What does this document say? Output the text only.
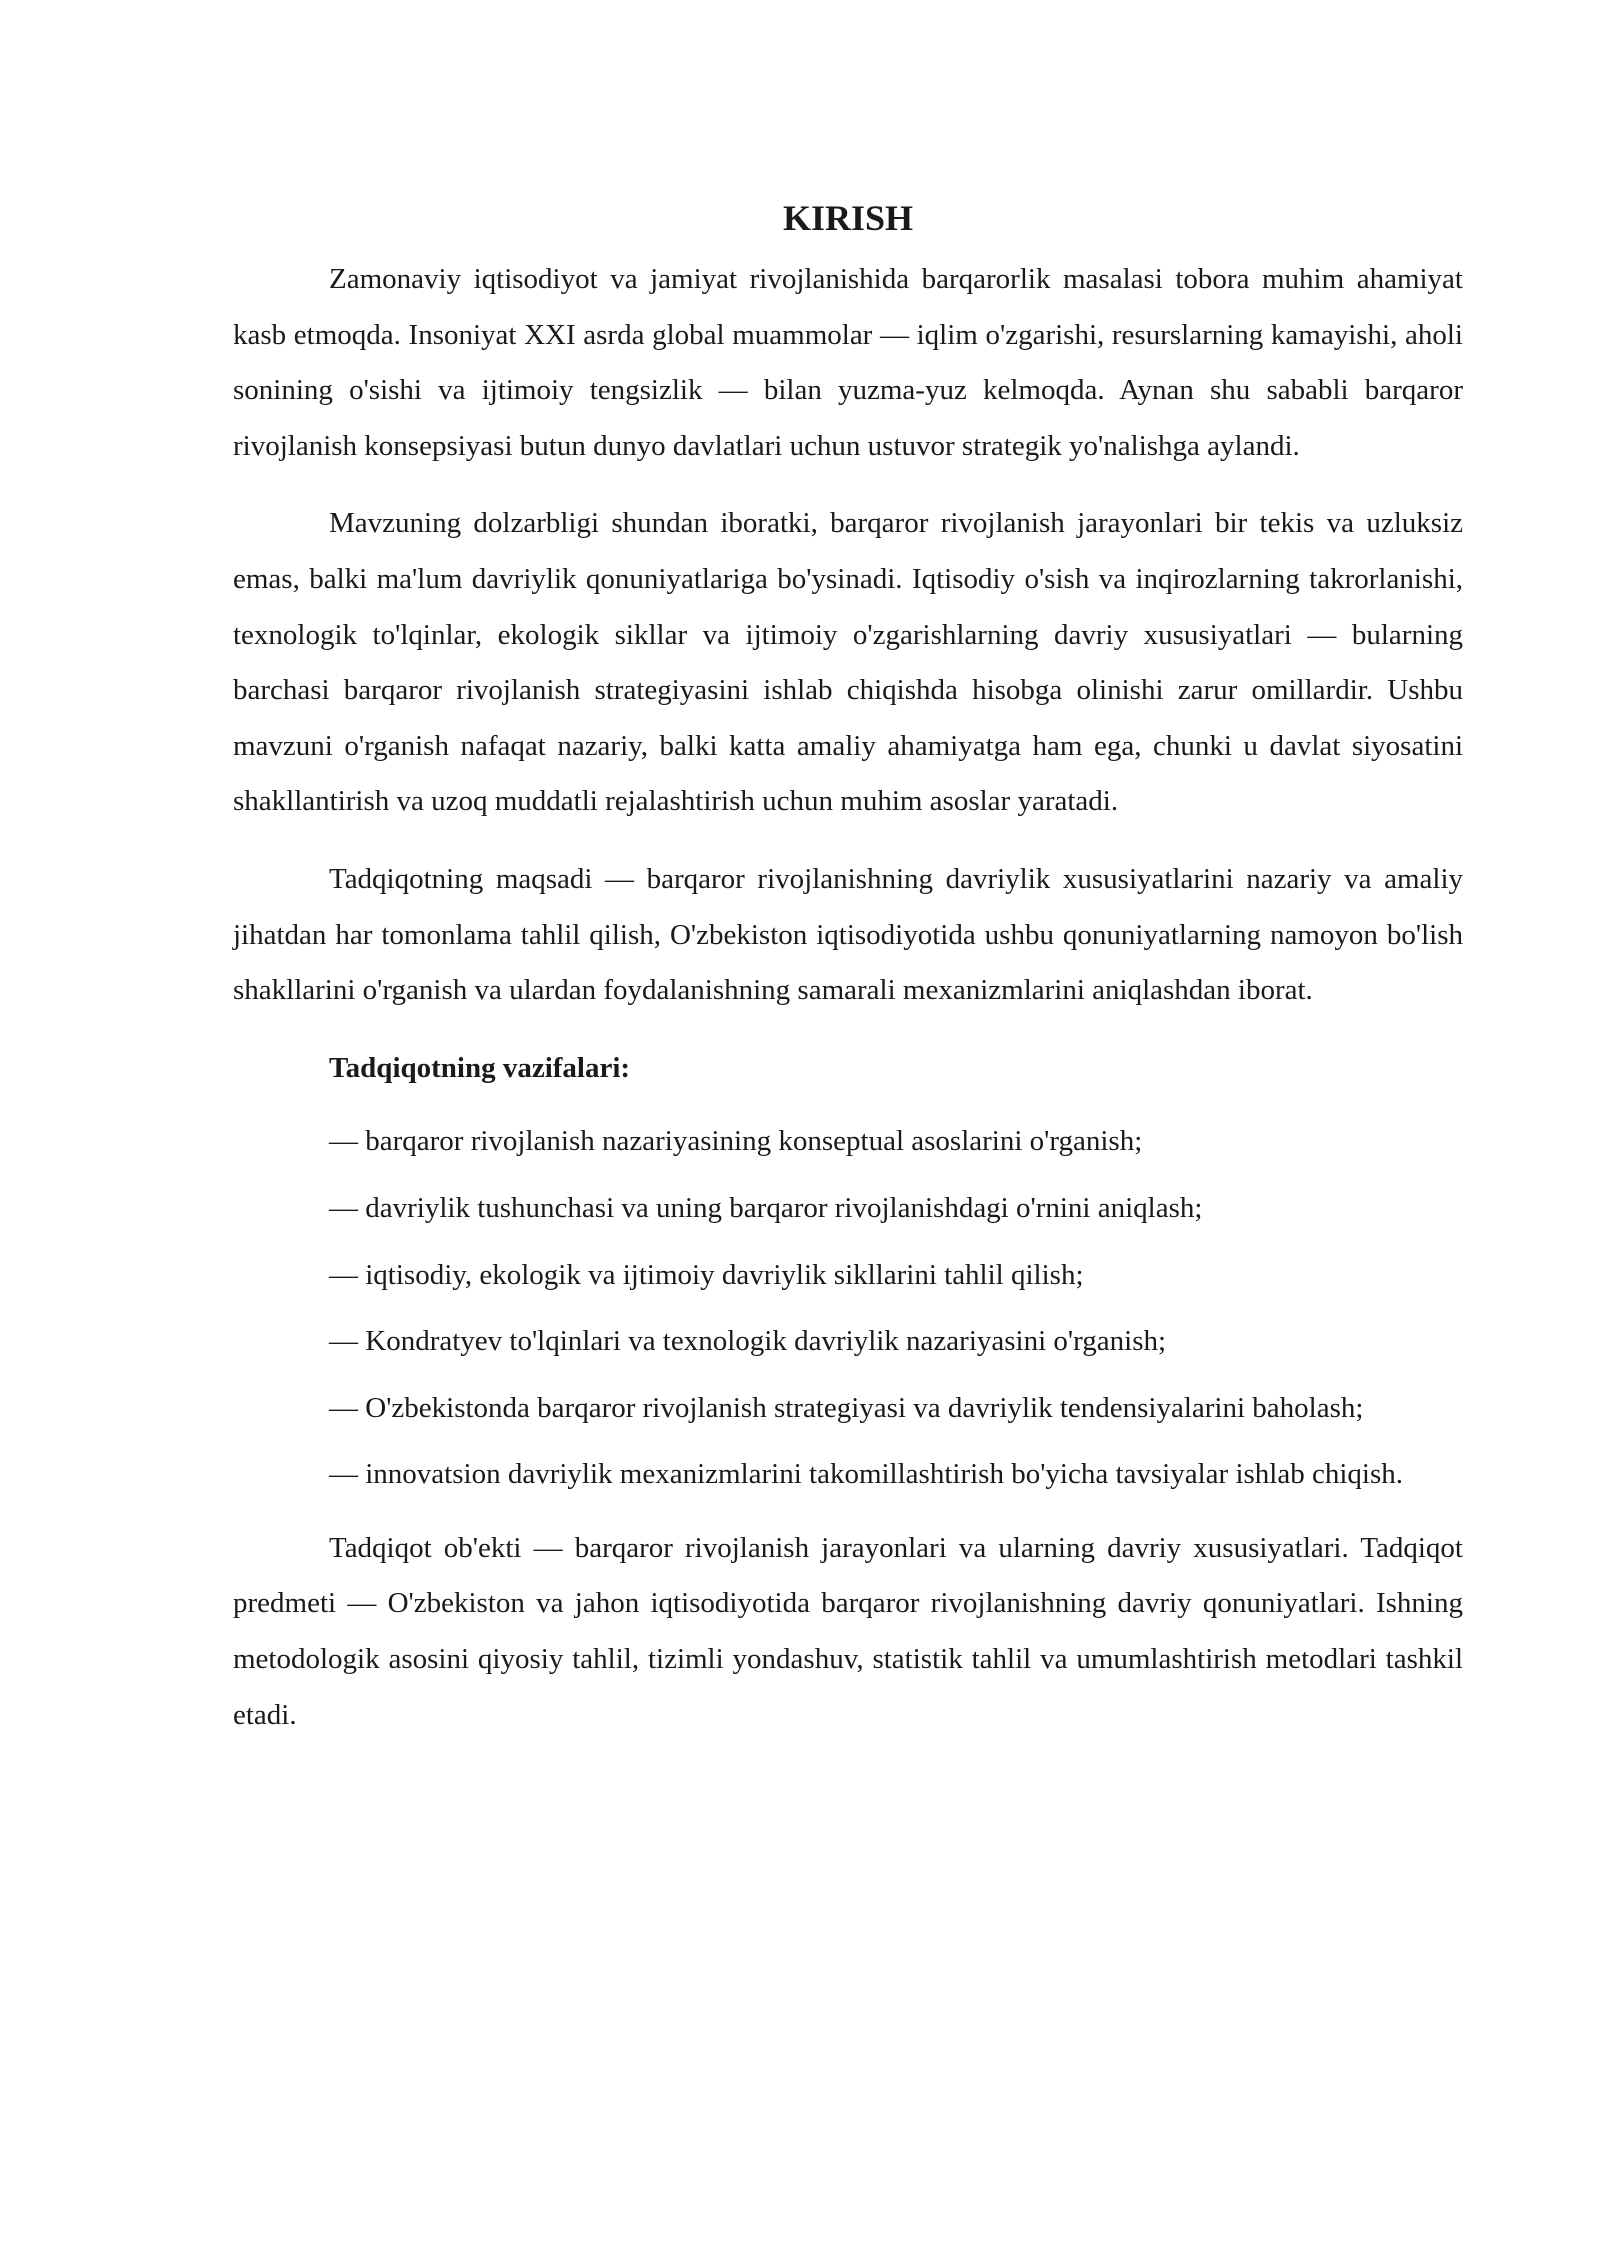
KIRISH

Zamonaviy iqtisodiyot va jamiyat rivojlanishida barqarorlik masalasi tobora muhim ahamiyat kasb etmoqda. Insoniyat XXI asrda global muammolar — iqlim o'zgarishi, resurslarning kamayishi, aholi sonining o'sishi va ijtimoiy tengsizlik — bilan yuzma-yuz kelmoqda. Aynan shu sababli barqaror rivojlanish konsepsiyasi butun dunyo davlatlari uchun ustuvor strategik yo'nalishga aylandi.

Mavzuning dolzarbligi shundan iboratki, barqaror rivojlanish jarayonlari bir tekis va uzluksiz emas, balki ma'lum davriylik qonuniyatlariga bo'ysinadi. Iqtisodiy o'sish va inqirozlarning takrorlanishi, texnologik to'lqinlar, ekologik sikllar va ijtimoiy o'zgarishlarning davriy xususiyatlari — bularning barchasi barqaror rivojlanish strategiyasini ishlab chiqishda hisobga olinishi zarur omillardir. Ushbu mavzuni o'rganish nafaqat nazariy, balki katta amaliy ahamiyatga ham ega, chunki u davlat siyosatini shakllantirish va uzoq muddatli rejalashtirish uchun muhim asoslar yaratadi.

Tadqiqotning maqsadi — barqaror rivojlanishning davriylik xususiyatlarini nazariy va amaliy jihatdan har tomonlama tahlil qilish, O'zbekiston iqtisodiyotida ushbu qonuniyatlarning namoyon bo'lish shakllarini o'rganish va ulardan foydalanishning samarali mexanizmlarini aniqlashdan iborat.

Tadqiqotning vazifalari:
— barqaror rivojlanish nazariyasining konseptual asoslarini o'rganish;
— davriylik tushunchasi va uning barqaror rivojlanishdagi o'rnini aniqlash;
— iqtisodiy, ekologik va ijtimoiy davriylik sikllarini tahlil qilish;
— Kondratyev to'lqinlari va texnologik davriylik nazariyasini o'rganish;
— O'zbekistonda barqaror rivojlanish strategiyasi va davriylik tendensiyalarini baholash;
— innovatsion davriylik mexanizmlarini takomillashtirish bo'yicha tavsiyalar ishlab chiqish.

Tadqiqot ob'ekti — barqaror rivojlanish jarayonlari va ularning davriy xususiyatlari. Tadqiqot predmeti — O'zbekiston va jahon iqtisodiyotida barqaror rivojlanishning davriy qonuniyatlari. Ishning metodologik asosini qiyosiy tahlil, tizimli yondashuv, statistik tahlil va umumlashtirish metodlari tashkil etadi.
